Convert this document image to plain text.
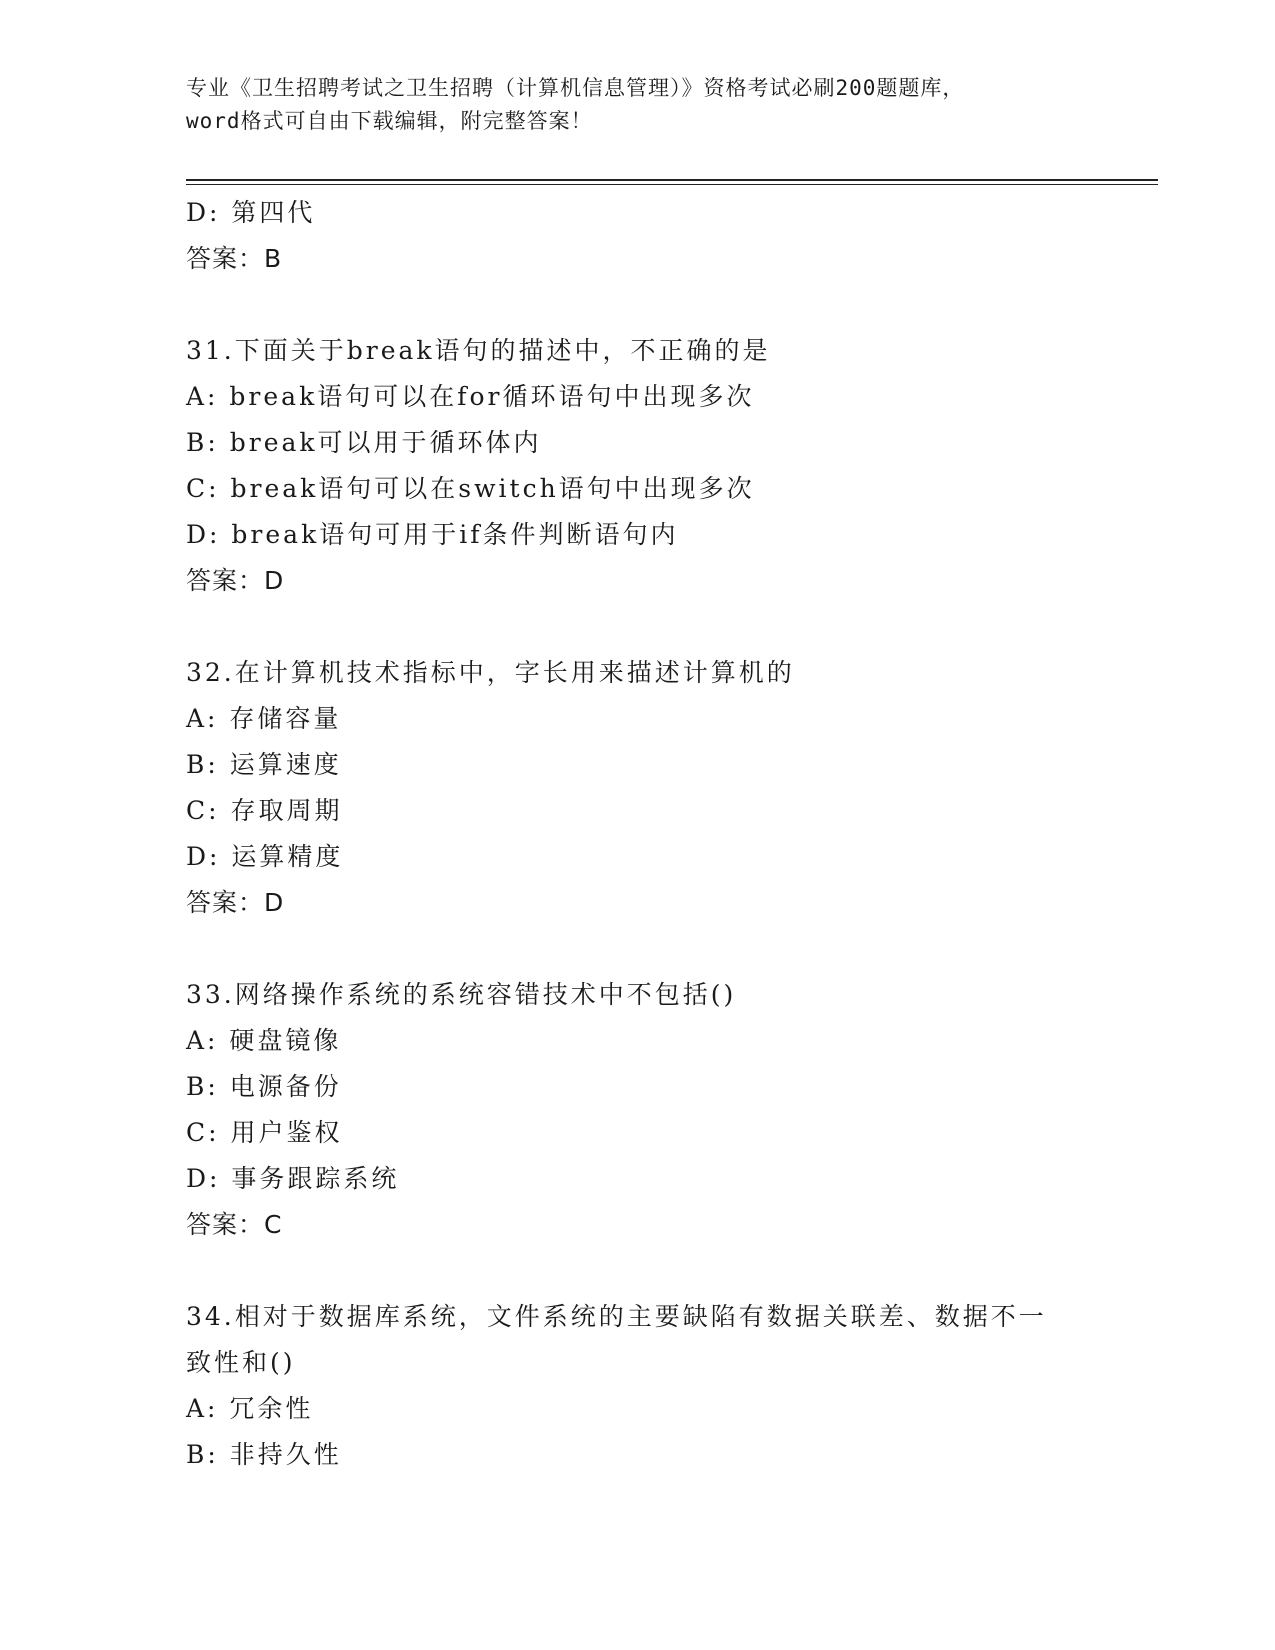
专业《卫生招聘考试之卫生招聘（计算机信息管理）》资格考试必刷200题题库，
word格式可自由下载编辑，附完整答案！
D: 第四代
答案：B
31.下面关于break语句的描述中，不正确的是
A: break语句可以在for循环语句中出现多次
B: break可以用于循环体内
C: break语句可以在switch语句中出现多次
D: break语句可用于if条件判断语句内
答案：D
32.在计算机技术指标中，字长用来描述计算机的
A: 存储容量
B: 运算速度
C: 存取周期
D: 运算精度
答案：D
33.网络操作系统的系统容错技术中不包括()
A: 硬盘镜像
B: 电源备份
C: 用户鉴权
D: 事务跟踪系统
答案：C
34.相对于数据库系统，文件系统的主要缺陷有数据关联差、数据不一
致性和()
A: 冗余性
B: 非持久性
